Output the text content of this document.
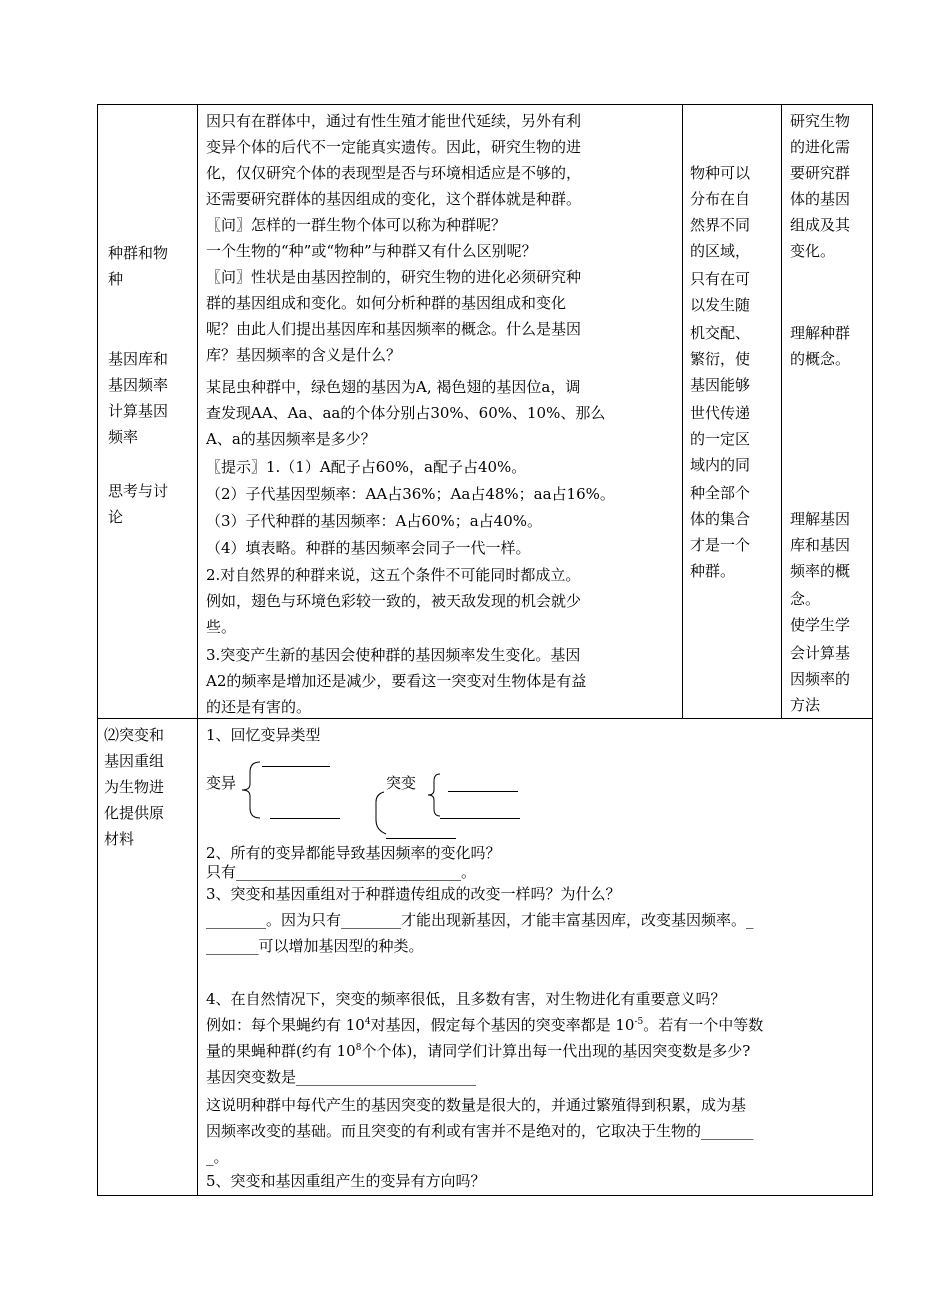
种群和物
种
基因库和
基因频率
计算基因
频率
思考与讨
论
因只有在群体中，通过有性生殖才能世代延续，另外有利
变异个体的后代不一定能真实遗传。因此，研究生物的进
化，仅仅研究个体的表现型是否与环境相适应是不够的，
还需要研究群体的基因组成的变化，这个群体就是种群。
〖问〗怎样的一群生物个体可以称为种群呢？
一个生物的“种”或“物种”与种群又有什么区别呢？
〖问〗性状是由基因控制的，研究生物的进化必须研究种
群的基因组成和变化。如何分析种群的基因组成和变化
呢？由此人们提出基因库和基因频率的概念。什么是基因
库？基因频率的含义是什么？
某昆虫种群中，绿色翅的基因为A, 褐色翅的基因位a，调
查发现AA、Aa、aa的个体分别占30%、60%、10%、那么
A、a的基因频率是多少？
〖提示〗1.（1）A配子占60%，a配子占40%。
（2）子代基因型频率：AA占36%；Aa占48%；aa占16%。
（3）子代种群的基因频率：A占60%；a占40%。
（4）填表略。种群的基因频率会同子一代一样。
2.对自然界的种群来说，这五个条件不可能同时都成立。
例如，翅色与环境色彩较一致的，被天敌发现的机会就少
些。
3.突变产生新的基因会使种群的基因频率发生变化。基因
A2的频率是增加还是减少，要看这一突变对生物体是有益
的还是有害的。
物种可以
分布在自
然界不同
的区域，
只有在可
以发生随
机交配、
繁衍，使
基因能够
世代传递
的一定区
域内的同
种全部个
体的集合
才是一个
种群。
研究生物
的进化需
要研究群
体的基因
组成及其
变化。
理解种群
的概念。
理解基因
库和基因
频率的概
念。
使学生学
会计算基
因频率的
方法
⑵突变和
基因重组
为生物进
化提供原
材料
1、回忆变异类型
变异	突变
2、所有的变异都能导致基因频率的变化吗？
只有______________________________。
3、突变和基因重组对于种群遗传组成的改变一样吗？为什么？
________。因为只有________才能出现新基因，才能丰富基因库，改变基因频率。_
_______可以增加基因型的种类。
4、在自然情况下，突变的频率很低，且多数有害，对生物进化有重要意义吗？
例如：每个果蝇约有 $10^4$对基因，假定每个基因的突变率都是 $10^{-5}$。若有一个中等数
量的果蝇种群(约有 $10^8$个个体)，请同学们计算出每一代出现的基因突变数是多少?
基因突变数是________________________
这说明种群中每代产生的基因突变的数量是很大的，并通过繁殖得到积累，成为基
因频率改变的基础。而且突变的有利或有害并不是绝对的，它取决于生物的_______
_。
5、突变和基因重组产生的变异有方向吗？
